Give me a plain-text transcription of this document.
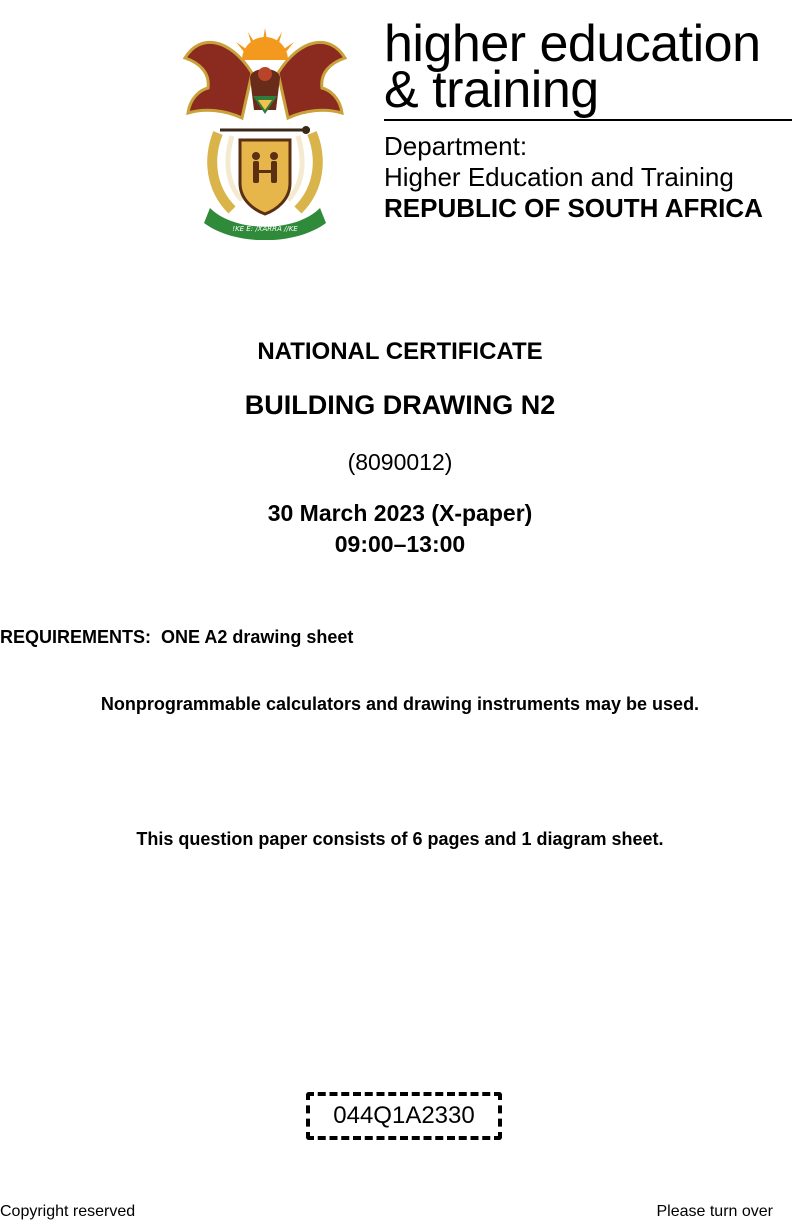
!KE E: /XARRA //KE
higher education
& training
Department:
Higher Education and Training
REPUBLIC OF SOUTH AFRICA
NATIONAL CERTIFICATE
BUILDING DRAWING N2
(8090012)
30 March 2023 (X-paper)
09:00–13:00
REQUIREMENTS:  ONE A2 drawing sheet
Nonprogrammable calculators and drawing instruments may be used.
This question paper consists of 6 pages and 1 diagram sheet.
044Q1A2330
Copyright reserved	Please turn over
